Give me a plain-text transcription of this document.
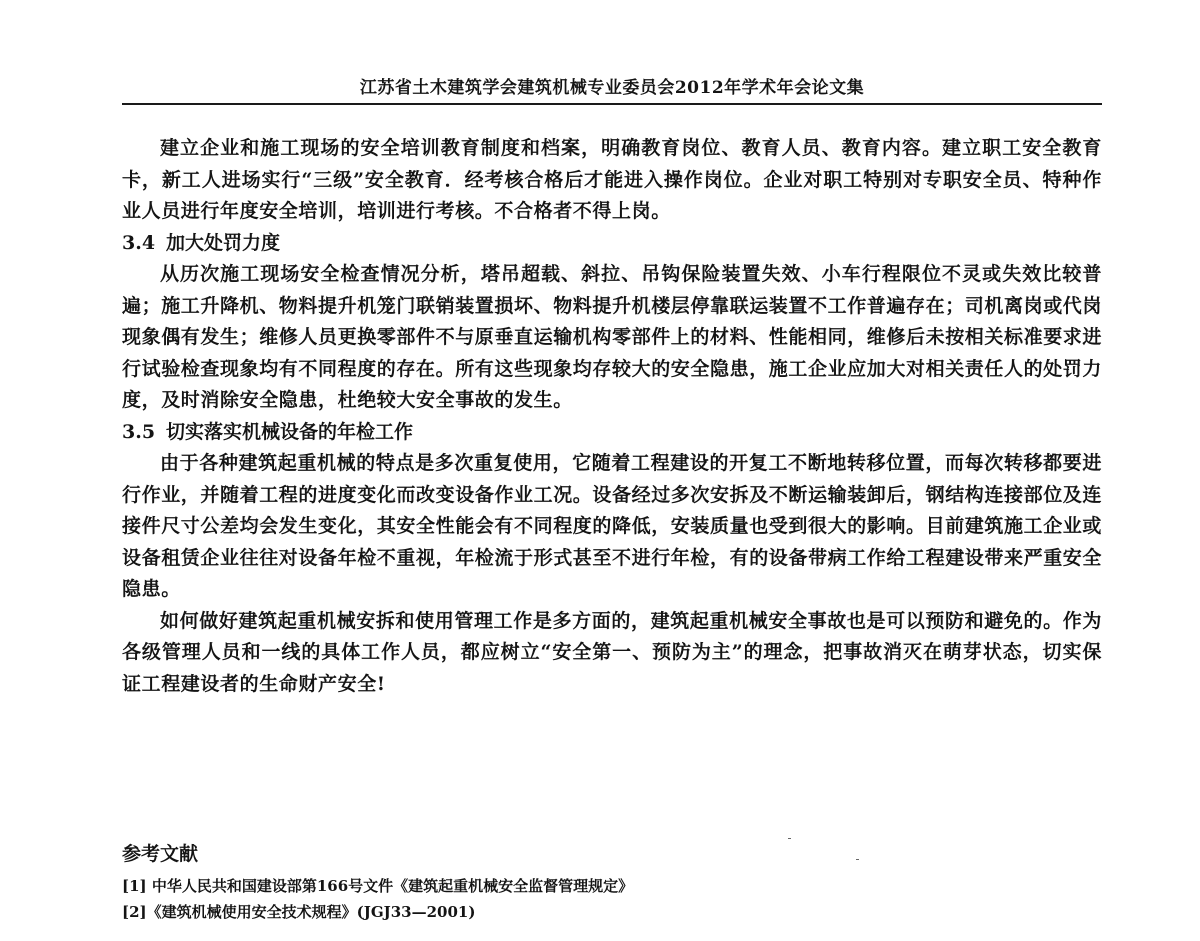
江苏省土木建筑学会建筑机械专业委员会2012年学术年会论文集

建立企业和施工现场的安全培训教育制度和档案，明确教育岗位、教育人员、教育内容。建立职工安全教育卡，新工人进场实行“三级”安全教育．经考核合格后才能进入操作岗位。企业对职工特别对专职安全员、特种作业人员进行年度安全培训，培训进行考核。不合格者不得上岗。

3.4 加大处罚力度

从历次施工现场安全检查情况分析，塔吊超载、斜拉、吊钩保险装置失效、小车行程限位不灵或失效比较普遍；施工升降机、物料提升机笼门联销装置损坏、物料提升机楼层停靠联运装置不工作普遍存在；司机离岗或代岗现象偶有发生；维修人员更换零部件不与原垂直运输机构零部件上的材料、性能相同，维修后未按相关标准要求进行试验检查现象均有不同程度的存在。所有这些现象均存较大的安全隐患，施工企业应加大对相关责任人的处罚力度，及时消除安全隐患，杜绝较大安全事故的发生。

3.5 切实落实机械设备的年检工作

由于各种建筑起重机械的特点是多次重复使用，它随着工程建设的开复工不断地转移位置，而每次转移都要进行作业，并随着工程的进度变化而改变设备作业工况。设备经过多次安拆及不断运输装卸后，钢结构连接部位及连接件尺寸公差均会发生变化，其安全性能会有不同程度的降低，安装质量也受到很大的影响。目前建筑施工企业或设备租赁企业往往对设备年检不重视，年检流于形式甚至不进行年检，有的设备带病工作给工程建设带来严重安全隐患。

如何做好建筑起重机械安拆和使用管理工作是多方面的，建筑起重机械安全事故也是可以预防和避免的。作为各级管理人员和一线的具体工作人员，都应树立“安全第一、预防为主”的理念，把事故消灭在萌芽状态，切实保证工程建设者的生命财产安全!

参考文献

[1] 中华人民共和国建设部第166号文件《建筑起重机械安全监督管理规定》

[2]《建筑机械使用安全技术规程》(JGJ33—2001)
